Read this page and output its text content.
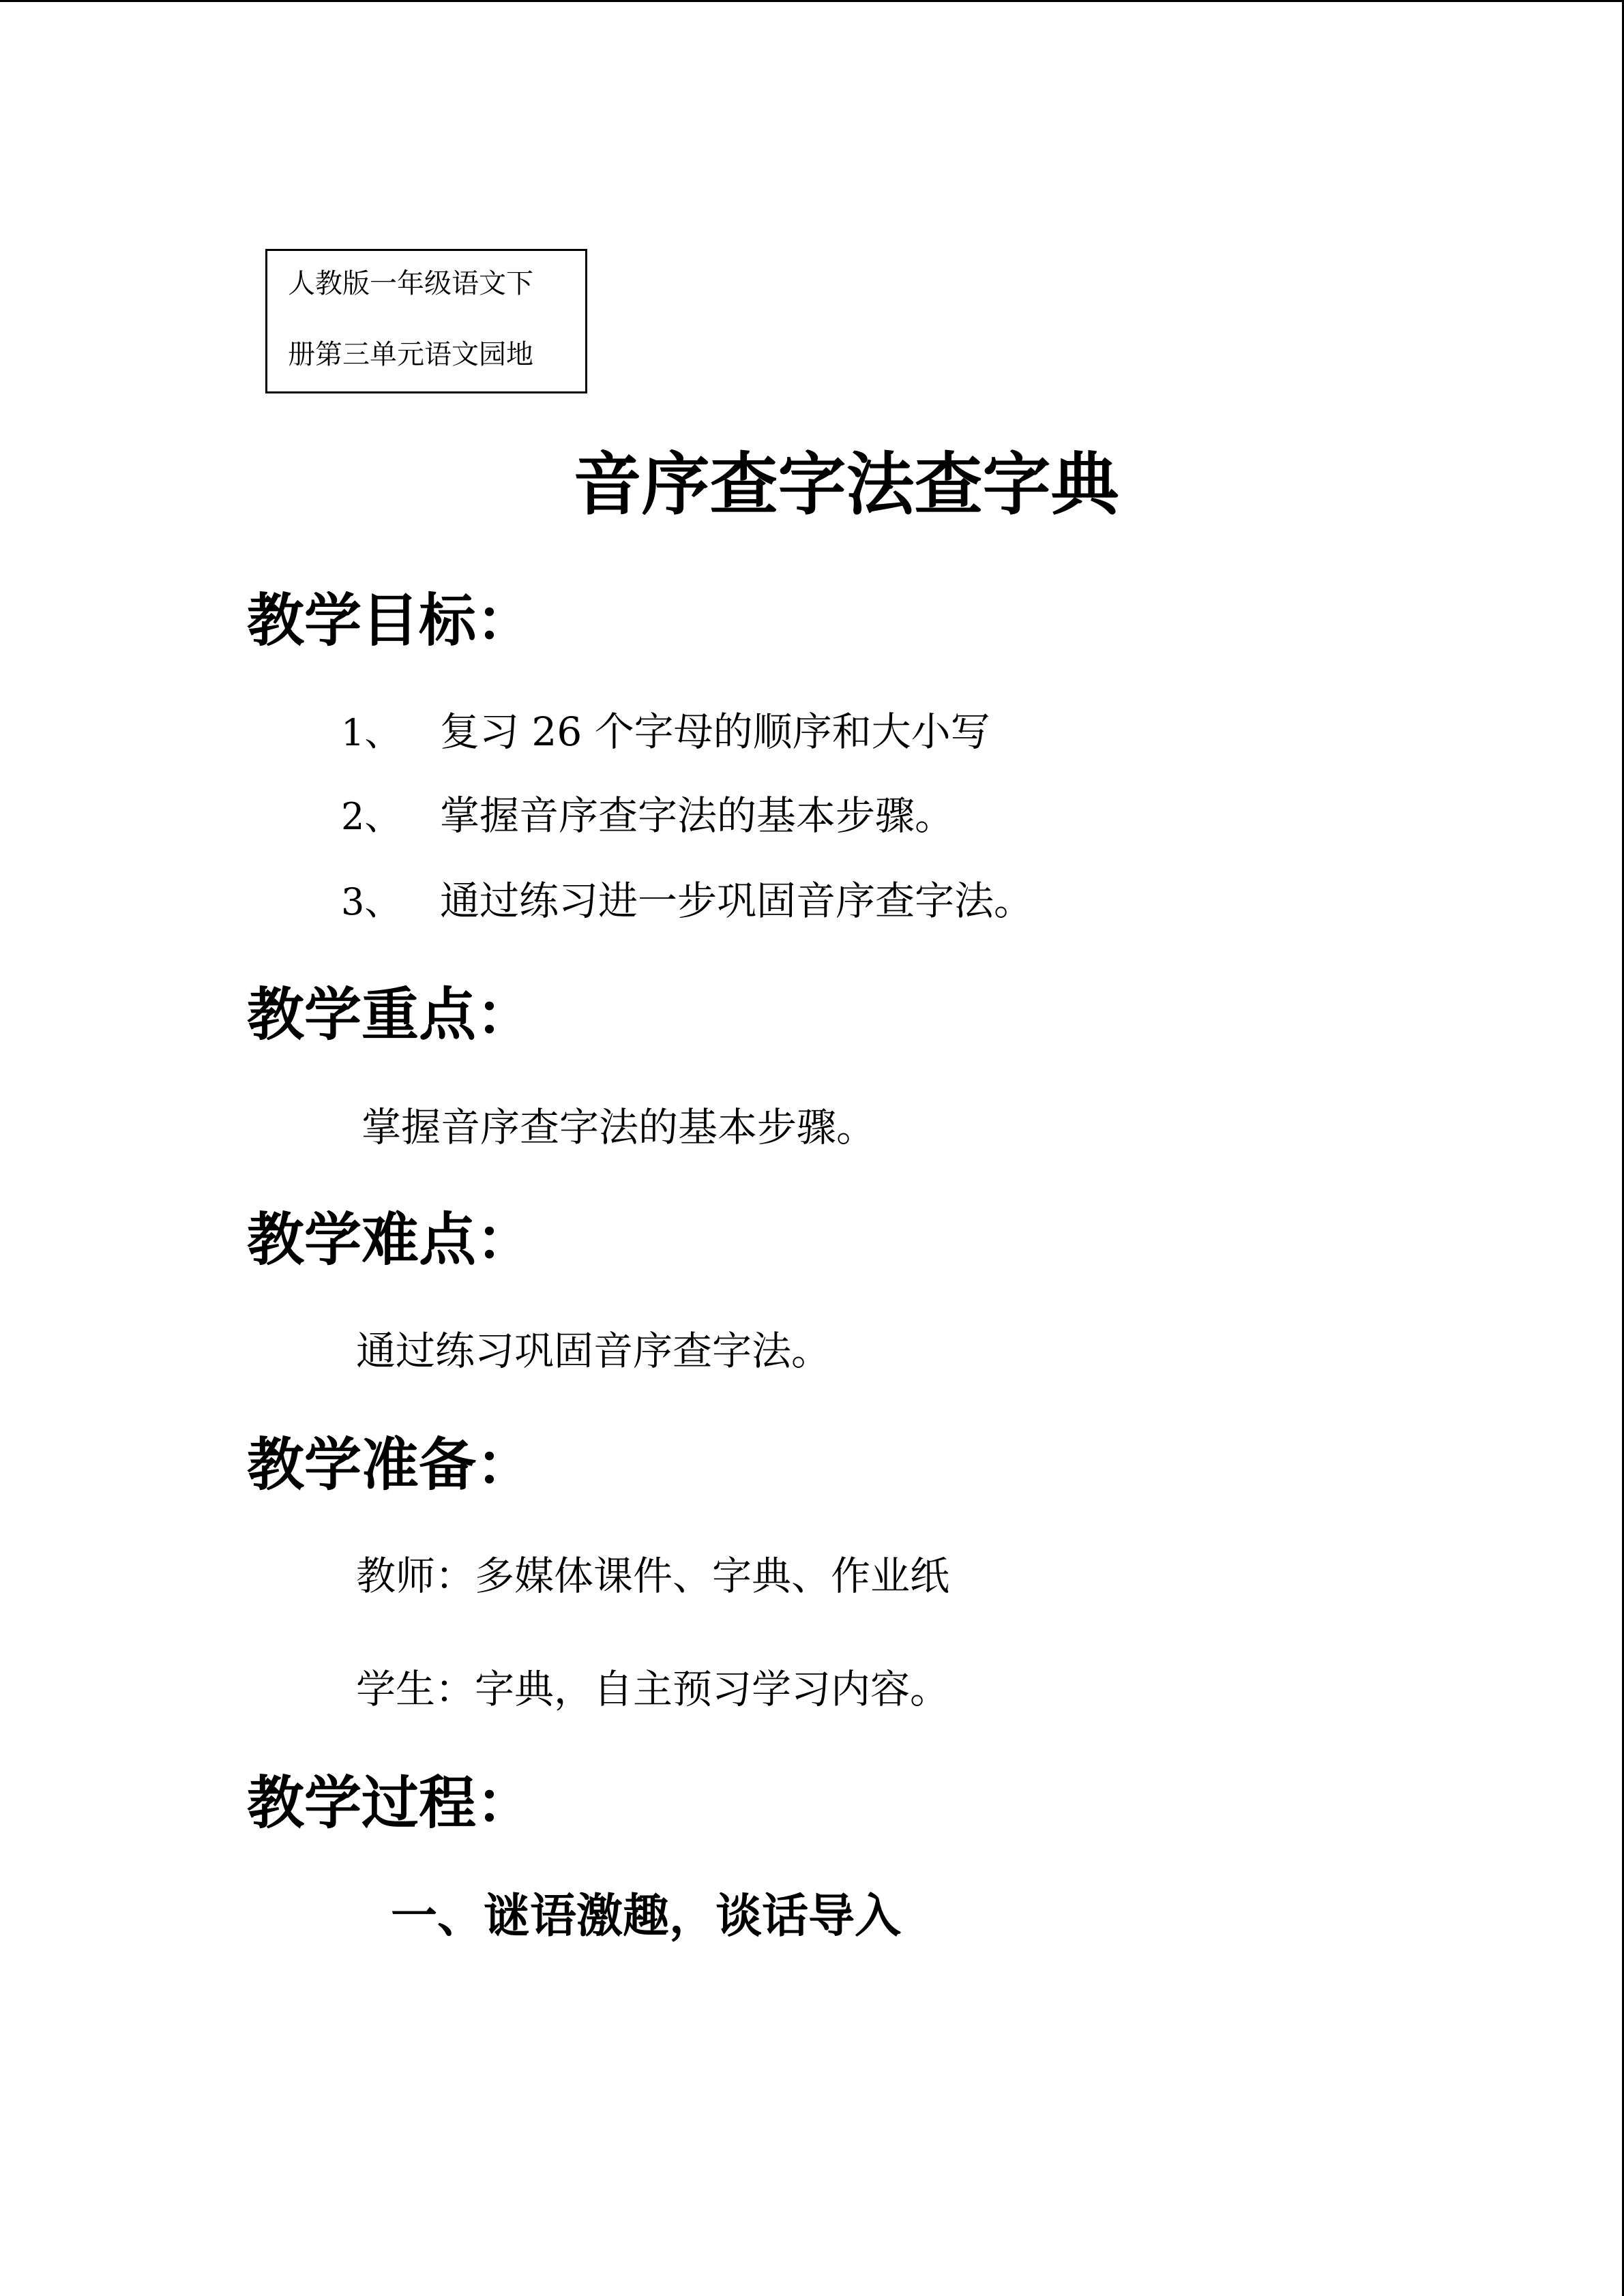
人教版一年级语文下
册第三单元语文园地
音序查字法查字典
教学目标：
1、 复习 26 个字母的顺序和大小写
2、 掌握音序查字法的基本步骤。
3、 通过练习进一步巩固音序查字法。
教学重点：
掌握音序查字法的基本步骤。
教学难点：
通过练习巩固音序查字法。
教学准备：
教师：多媒体课件、字典、作业纸
学生：字典，自主预习学习内容。
教学过程：
一、谜语激趣，谈话导入
